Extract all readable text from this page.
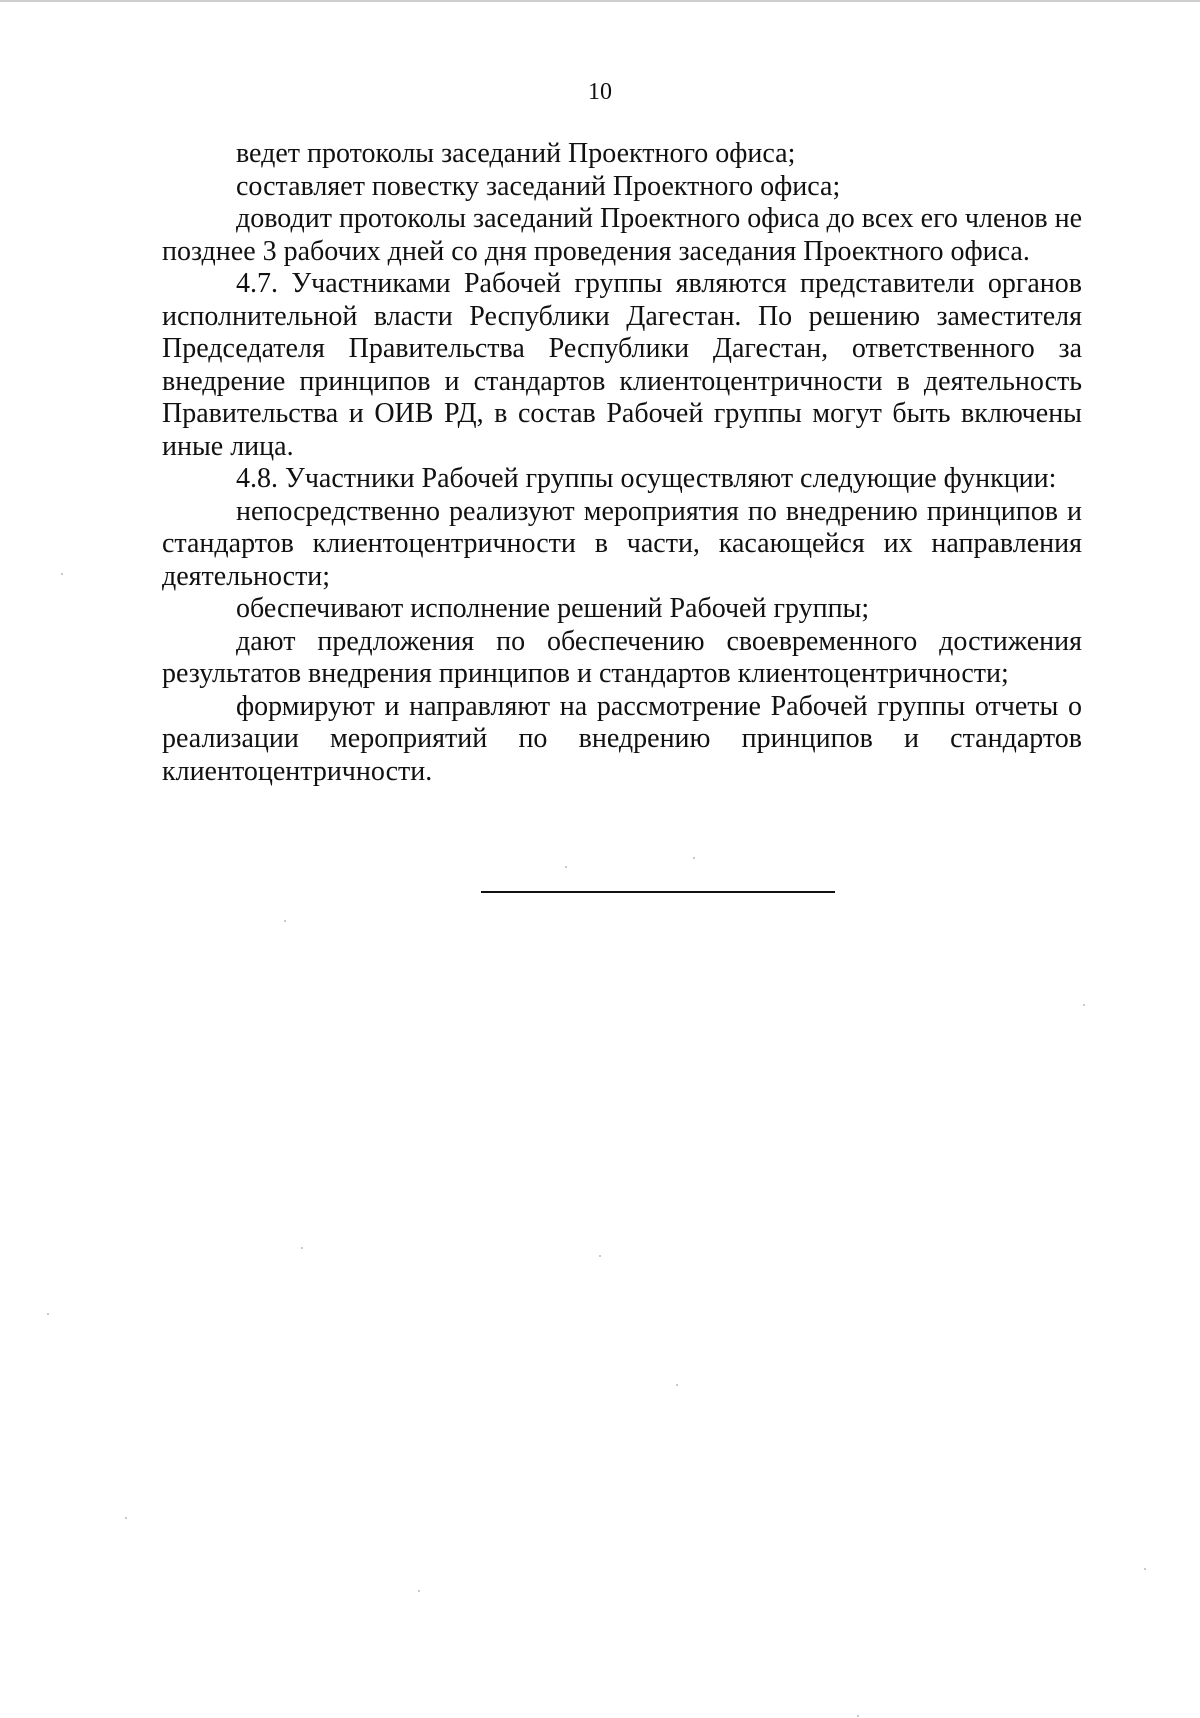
10

ведет протоколы заседаний Проектного офиса;

составляет повестку заседаний Проектного офиса;

доводит протоколы заседаний Проектного офиса до всех его членов не позднее 3 рабочих дней со дня проведения заседания Проектного офиса.

4.7. Участниками Рабочей группы являются представители органов исполнительной власти Республики Дагестан. По решению заместителя Председателя Правительства Республики Дагестан, ответственного за внедрение принципов и стандартов клиентоцентричности в деятельность Правительства и ОИВ РД, в состав Рабочей группы могут быть включены иные лица.

4.8. Участники Рабочей группы осуществляют следующие функции:

непосредственно реализуют мероприятия по внедрению принципов и стандартов клиентоцентричности в части, касающейся их направления деятельности;

обеспечивают исполнение решений Рабочей группы;

дают предложения по обеспечению своевременного достижения результатов внедрения принципов и стандартов клиентоцентричности;

формируют и направляют на рассмотрение Рабочей группы отчеты о реализации мероприятий по внедрению принципов и стандартов клиентоцентричности.
